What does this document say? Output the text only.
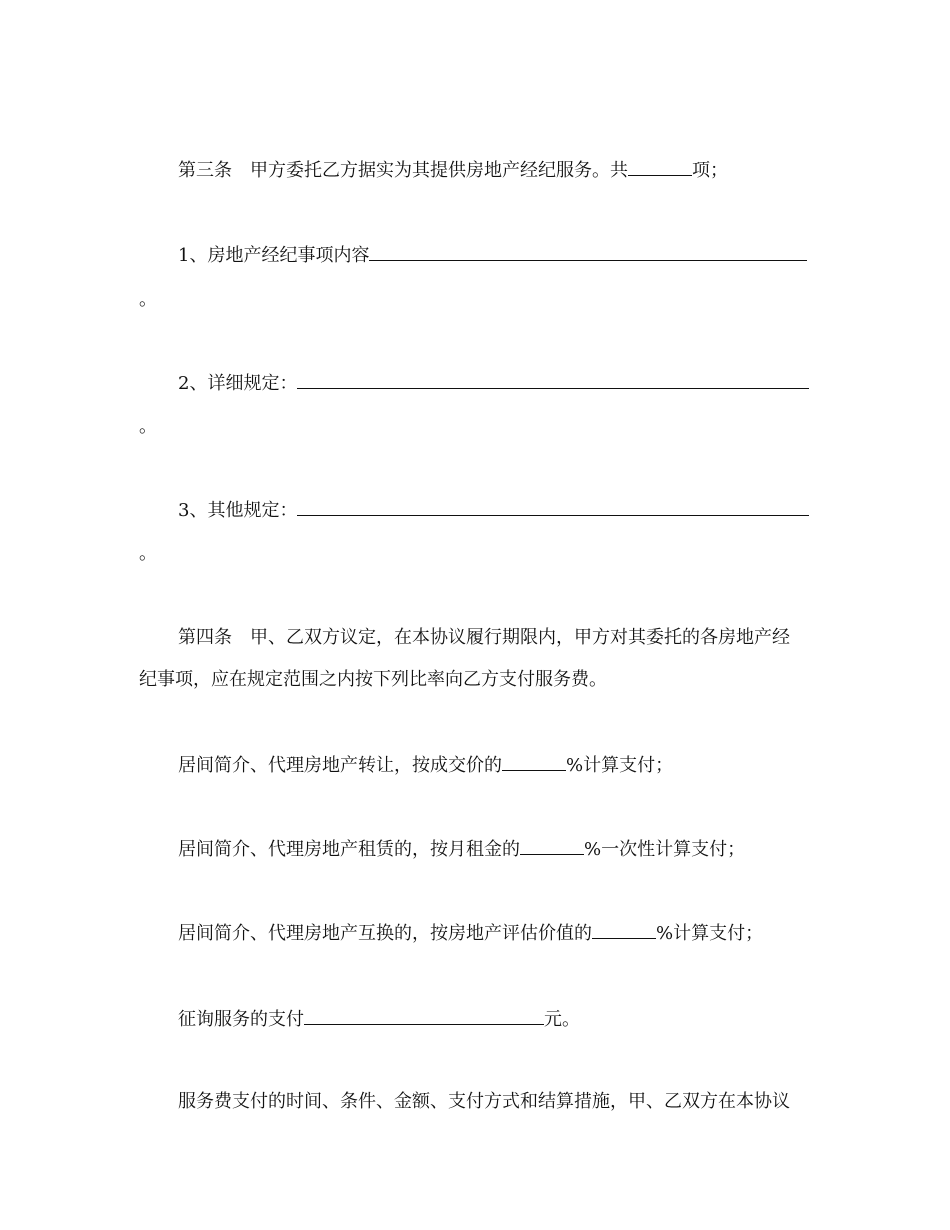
第三条　甲方委托乙方据实为其提供房地产经纪服务。共	项；
1、房地产经纪事项内容
。
2、详细规定：
。
3、其他规定：
。
第四条　甲、乙双方议定，在本协议履行期限内，甲方对其委托的各房地产经
纪事项，应在规定范围之内按下列比率向乙方支付服务费。
居间简介、代理房地产转让，按成交价的	%计算支付；
居间简介、代理房地产租赁的，按月租金的	%一次性计算支付；
居间简介、代理房地产互换的，按房地产评估价值的	%计算支付；
征询服务的支付	元。
服务费支付的时间、条件、金额、支付方式和结算措施，甲、乙双方在本协议
